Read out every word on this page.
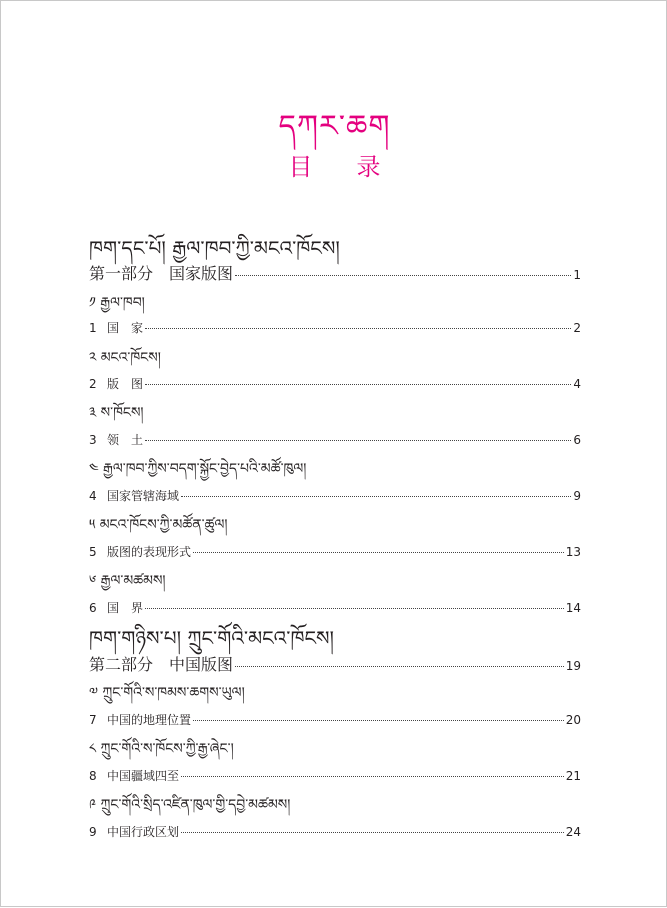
དཀར་ཆག
目录
ཁག་དང་པོ། རྒྱལ་ཁབ་ཀྱི་མངའ་ཁོངས།
第一部分　国家版图	1
༡ རྒྱལ་ཁབ།
1 国　家	2
༢ མངའ་ཁོངས།
2 版　图	4
༣ ས་ཁོངས།
3 领　土	6
༤ རྒྱལ་ཁབ་ཀྱིས་བདག་སྐྱོང་བྱེད་པའི་མཚོ་ཁུལ།
4 国家管辖海域	9
༥ མངའ་ཁོངས་ཀྱི་མཚོན་ཚུལ།
5 版图的表现形式	13
༦ རྒྱལ་མཚམས།
6 国　界	14
ཁག་གཉིས་པ། ཀྲུང་གོའི་མངའ་ཁོངས།
第二部分　中国版图	19
༧ ཀྲུང་གོའི་ས་ཁམས་ཆགས་ཡུལ།
7 中国的地理位置	20
༨ ཀྲུང་གོའི་ས་ཁོངས་ཀྱི་རྒྱ་ཞེང་།
8 中国疆域四至	21
༩ ཀྲུང་གོའི་སྲིད་འཛིན་ཁུལ་གྱི་དབྱེ་མཚམས།
9 中国行政区划	24
